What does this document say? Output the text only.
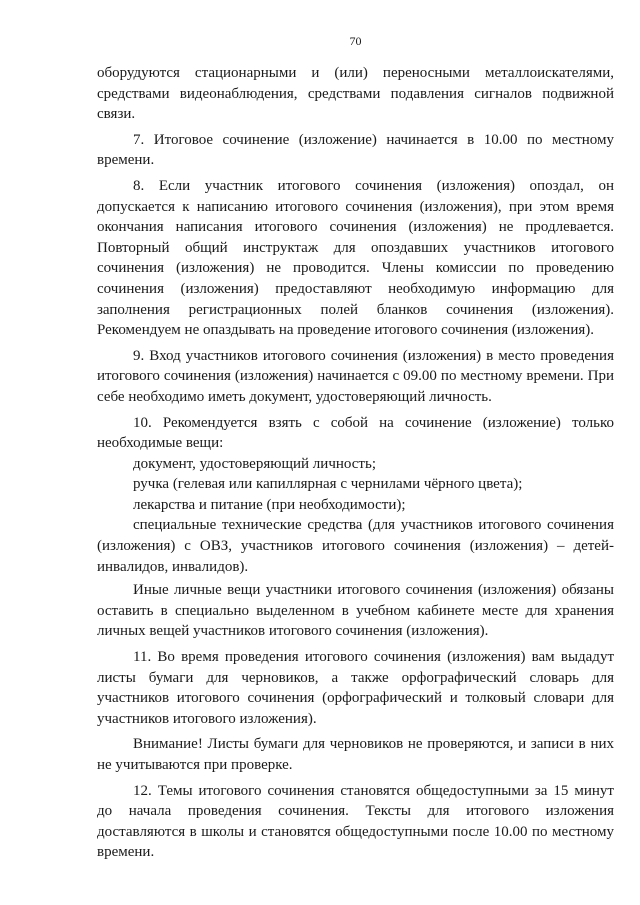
70

оборудуются стационарными и (или) переносными металлоискателями, средствами видеонаблюдения, средствами подавления сигналов подвижной связи.

7. Итоговое сочинение (изложение) начинается в 10.00 по местному времени.

8. Если участник итогового сочинения (изложения) опоздал, он допускается к написанию итогового сочинения (изложения), при этом время окончания написания итогового сочинения (изложения) не продлевается. Повторный общий инструктаж для опоздавших участников итогового сочинения (изложения) не проводится. Члены комиссии по проведению сочинения (изложения) предоставляют необходимую информацию для заполнения регистрационных полей бланков сочинения (изложения). Рекомендуем не опаздывать на проведение итогового сочинения (изложения).

9. Вход участников итогового сочинения (изложения) в место проведения итогового сочинения (изложения) начинается с 09.00 по местному времени. При себе необходимо иметь документ, удостоверяющий личность.

10. Рекомендуется взять с собой на сочинение (изложение) только необходимые вещи:

документ, удостоверяющий личность;

ручка (гелевая или капиллярная с чернилами чёрного цвета);

лекарства и питание (при необходимости);

специальные технические средства (для участников итогового сочинения (изложения) с ОВЗ, участников итогового сочинения (изложения) – детей-инвалидов, инвалидов).

Иные личные вещи участники итогового сочинения (изложения) обязаны оставить в специально выделенном в учебном кабинете месте для хранения личных вещей участников итогового сочинения (изложения).

11. Во время проведения итогового сочинения (изложения) вам выдадут листы бумаги для черновиков, а также орфографический словарь для участников итогового сочинения (орфографический и толковый словари для участников итогового изложения).

Внимание! Листы бумаги для черновиков не проверяются, и записи в них не учитываются при проверке.

12. Темы итогового сочинения становятся общедоступными за 15 минут до начала проведения сочинения. Тексты для итогового изложения доставляются в школы и становятся общедоступными после 10.00 по местному времени.
